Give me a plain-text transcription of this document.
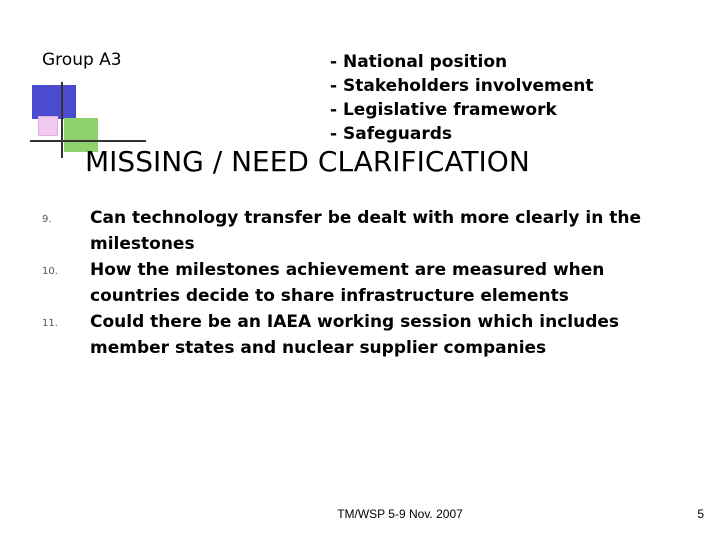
Group A3	- National position
- Stakeholders involvement
- Legislative framework
- Safeguards
MISSING / NEED CLARIFICATION
9. Can technology transfer be dealt with more clearly in the milestones
10. How the milestones achievement are measured when countries decide to share infrastructure elements
11. Could there be an IAEA working session which includes member states and nuclear supplier companies
TM/WSP 5-9 Nov. 2007	5
